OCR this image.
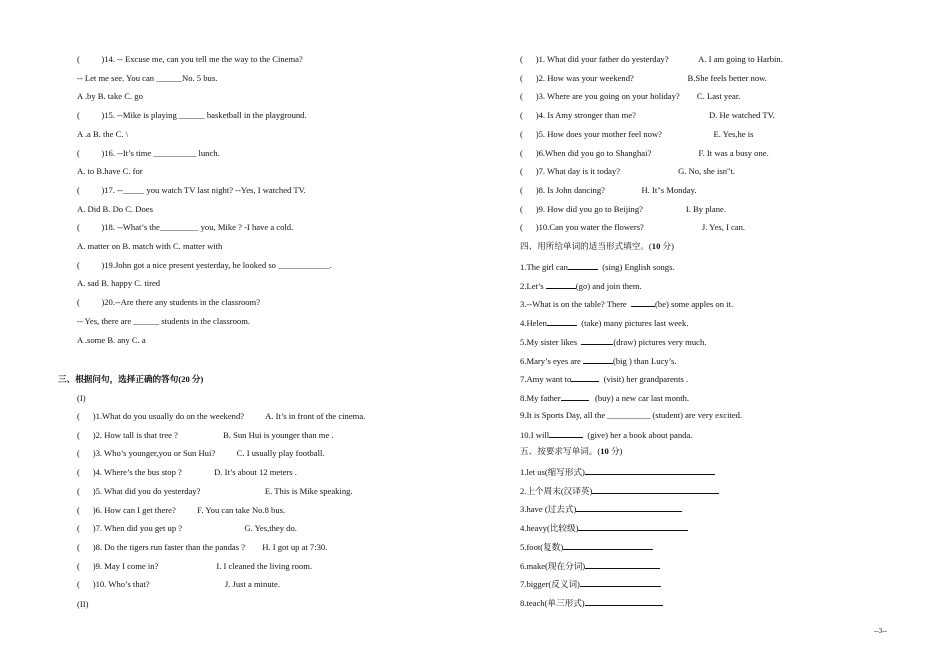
(          )14. -- Excuse me, can you tell me the way to the Cinema?
-- Let me see. You can ______No. 5 bus.
A .by B. take C. go
(          )15. --Mike is playing ______ basketball in the playground.
A .a B. the C. \
(          )16. --It’s time __________ lunch.
A. to B.have C. for
(          )17. --_____ you watch TV last night? --Yes, I watched TV.
A. Did B. Do C. Does
(          )18. --What’s the_________ you, Mike ? -I have a cold.
A. matter on B. match with C. matter with
(          )19.John got a nice present yesterday, he looked so ____________.
A. sad B. happy C. tired
(          )20.--Are there any students in the classroom?
-- Yes, there are ______ students in the classroom.
A .some B. any C. a
三、根据问句，选择正确的答句(20 分)
(I)
(      )1.What do you usually do on the weekend?          A. It’s in front of the cinema.
(      )2. How tall is that tree ?                     B. Sun Hui is younger than me .
(      )3. Who’s younger,you or Sun Hui?          C. I usually play football.
(      )4. Where’s the bus stop ?               D. It’s about 12 meters .
(      )5. What did you do yesterday?                              E. This is Mike speaking.
(      )6. How can I get there?          F. You can take No.8 bus.
(      )7. When did you get up ?                             G. Yes,they do.
(      )8. Do the tigers run faster than the pandas ?        H. I got up at 7:30.
(      )9. May I come in?                           I. I cleaned the living room.
(      )10. Who’s that?                                   J. Just a minute.
(II)
(      )1. What did your father do yesterday?              A. I am going to Harbin.
(      )2. How was your weekend?                         B.She feels better now.
(      )3. Where are you going on your holiday?        C. Last year.
(      )4. Is Amy stronger than me?                                  D. He watched TV.
(      )5. How does your mother feel now?                        E. Yes,he is
(      )6.When did you go to Shanghai?                      F. It was a busy one.
(      )7. What day is it today?                           G. No, she isn"t.
(      )8. Is John dancing?                 H. It"s Monday.
(      )9. How did you go to Beijing?                    I. By plane.
(      )10.Can you water the flowers?                           J. Yes, I can.
四、用所给单词的适当形式填空。(10 分)
1.The girl can	(sing) English songs.
2.Let’s	(go) and join them.
3.--What is on the table? There	(be) some apples on it.
4.Helen	(take) many pictures last week.
5.My sister likes	(draw) pictures very much.
6.Mary’s eyes are	(big ) than Lucy’s.
7.Amy want to	(visit) her grandparents .
8.My father	(buy) a new car last month.
9.It is Sports Day, all the __________ (student) are very excited.
10.I will	(give) her a book about panda.
五、按要求写单词。(10 分)
1.let us(缩写形式)
2.上个周末(汉译英)
3.have (过去式)
4.heavy(比较级)
5.foot(复数)
6.make(现在分词)
7.bigger(反义词)
8.teach(单三形式)
--3--
